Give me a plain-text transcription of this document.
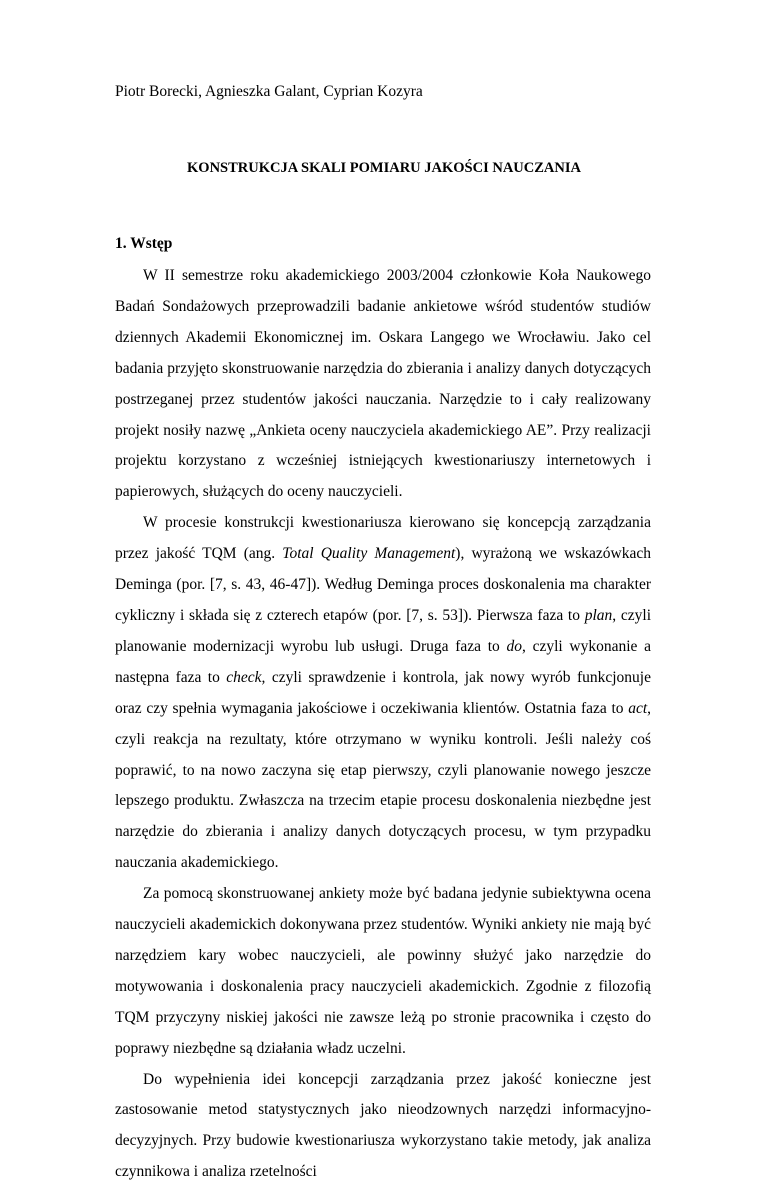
Piotr Borecki, Agnieszka Galant, Cyprian Kozyra

KONSTRUKCJA SKALI POMIARU JAKOŚCI NAUCZANIA
1. Wstęp

W II semestrze roku akademickiego 2003/2004 członkowie Koła Naukowego Badań Sondażowych przeprowadzili badanie ankietowe wśród studentów studiów dziennych Akademii Ekonomicznej im. Oskara Langego we Wrocławiu. Jako cel badania przyjęto skonstruowanie narzędzia do zbierania i analizy danych dotyczących postrzeganej przez studentów jakości nauczania. Narzędzie to i cały realizowany projekt nosiły nazwę „Ankieta oceny nauczyciela akademickiego AE”. Przy realizacji projektu korzystano z wcześniej istniejących kwestionariuszy internetowych i papierowych, służących do oceny nauczycieli.

W procesie konstrukcji kwestionariusza kierowano się koncepcją zarządzania przez jakość TQM (ang. Total Quality Management), wyrażoną we wskazówkach Deminga (por. [7, s. 43, 46-47]). Według Deminga proces doskonalenia ma charakter cykliczny i składa się z czterech etapów (por. [7, s. 53]). Pierwsza faza to plan, czyli planowanie modernizacji wyrobu lub usługi. Druga faza to do, czyli wykonanie a następna faza to check, czyli sprawdzenie i kontrola, jak nowy wyrób funkcjonuje oraz czy spełnia wymagania jakościowe i oczekiwania klientów. Ostatnia faza to act, czyli reakcja na rezultaty, które otrzymano w wyniku kontroli. Jeśli należy coś poprawić, to na nowo zaczyna się etap pierwszy, czyli planowanie nowego jeszcze lepszego produktu. Zwłaszcza na trzecim etapie procesu doskonalenia niezbędne jest narzędzie do zbierania i analizy danych dotyczących procesu, w tym przypadku nauczania akademickiego.

Za pomocą skonstruowanej ankiety może być badana jedynie subiektywna ocena nauczycieli akademickich dokonywana przez studentów. Wyniki ankiety nie mają być narzędziem kary wobec nauczycieli, ale powinny służyć jako narzędzie do motywowania i doskonalenia pracy nauczycieli akademickich. Zgodnie z filozofią TQM przyczyny niskiej jakości nie zawsze leżą po stronie pracownika i często do poprawy niezbędne są działania władz uczelni.

Do wypełnienia idei koncepcji zarządzania przez jakość konieczne jest zastosowanie metod statystycznych jako nieodzownych narzędzi informacyjno-decyzyjnych. Przy budowie kwestionariusza wykorzystano takie metody, jak analiza czynnikowa i analiza rzetelności
